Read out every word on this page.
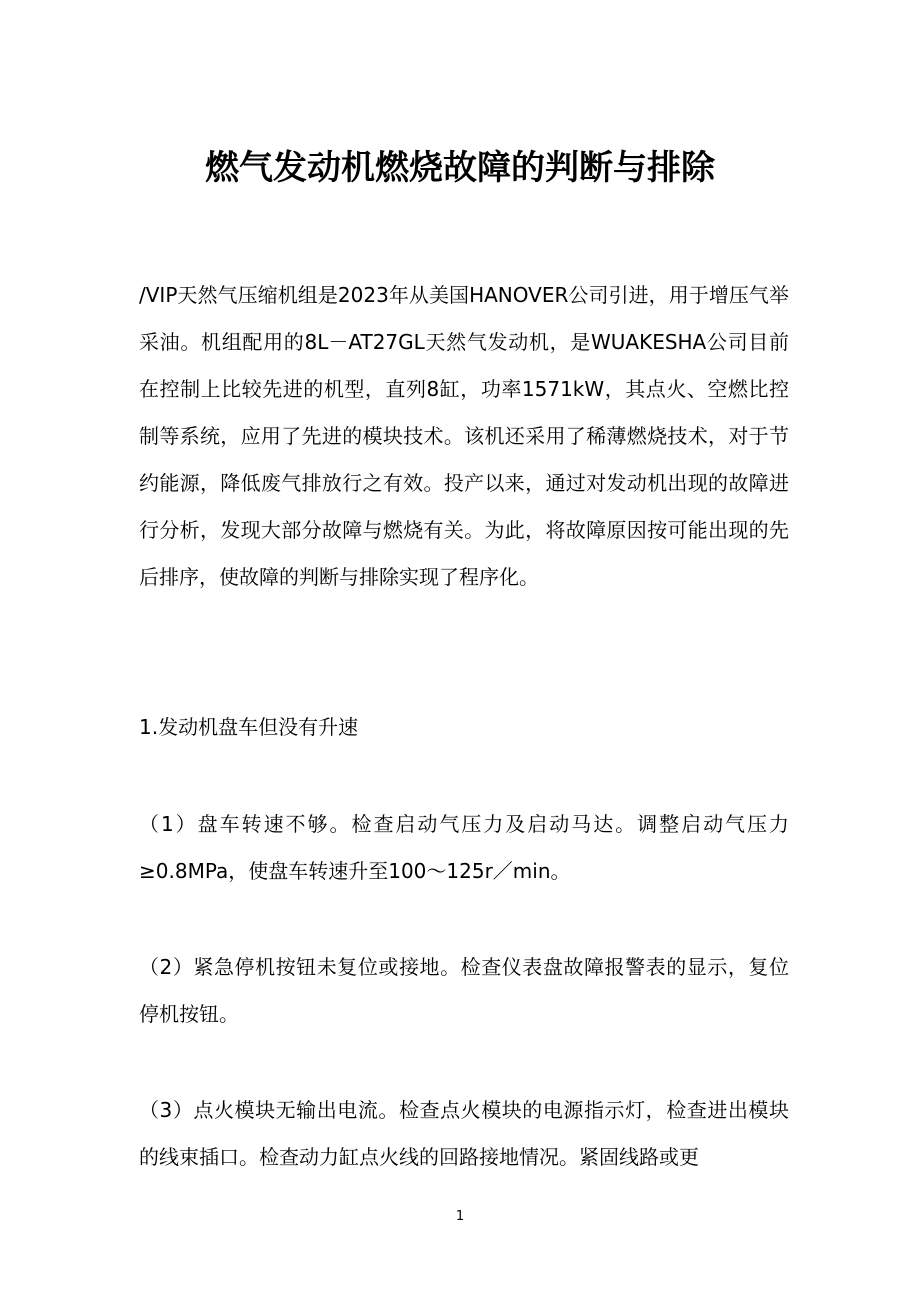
燃气发动机燃烧故障的判断与排除

/VIP天然气压缩机组是2023年从美国HANOVER公司引进，用于增压气举采油。机组配用的8L－AT27GL天然气发动机，是WUAKESHA公司目前在控制上比较先进的机型，直列8缸，功率1571kW，其点火、空燃比控制等系统，应用了先进的模块技术。该机还采用了稀薄燃烧技术，对于节约能源，降低废气排放行之有效。投产以来，通过对发动机出现的故障进行分析，发现大部分故障与燃烧有关。为此，将故障原因按可能出现的先后排序，使故障的判断与排除实现了程序化。

1.发动机盘车但没有升速

（1）盘车转速不够。检查启动气压力及启动马达。调整启动气压力≥0.8MPa，使盘车转速升至100～125r／min。

（2）紧急停机按钮未复位或接地。检查仪表盘故障报警表的显示，复位停机按钮。

（3）点火模块无输出电流。检查点火模块的电源指示灯，检查进出模块的线束插口。检查动力缸点火线的回路接地情况。紧固线路或更

1
